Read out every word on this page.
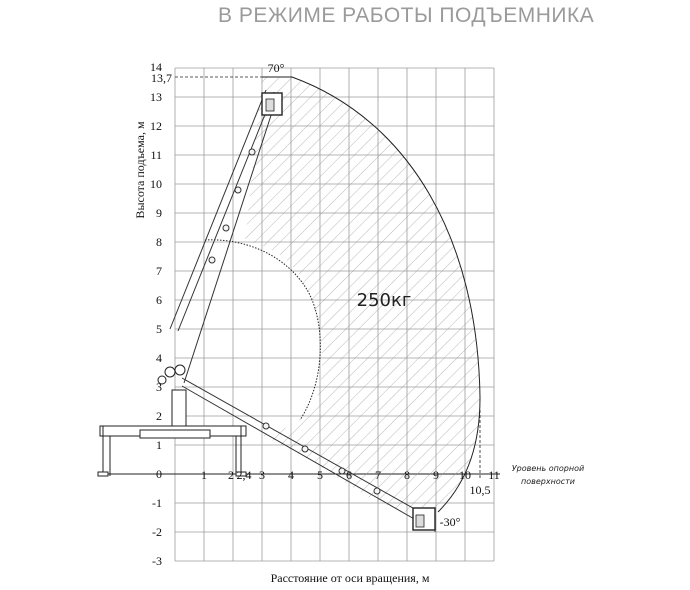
В РЕЖИМЕ РАБОТЫ ПОДЪЕМНИКА
14
13,7
13
12
11
10
9
8
7
6
5
4
3
2
1
0
-1
-2
-3
1 2 3 4 5 6 7 8 9 10 11
2,4
10,5
70°
-30°
250кг
Уровень опорной
поверхности
Высота подъема, м
Расстояние от оси вращения, м
